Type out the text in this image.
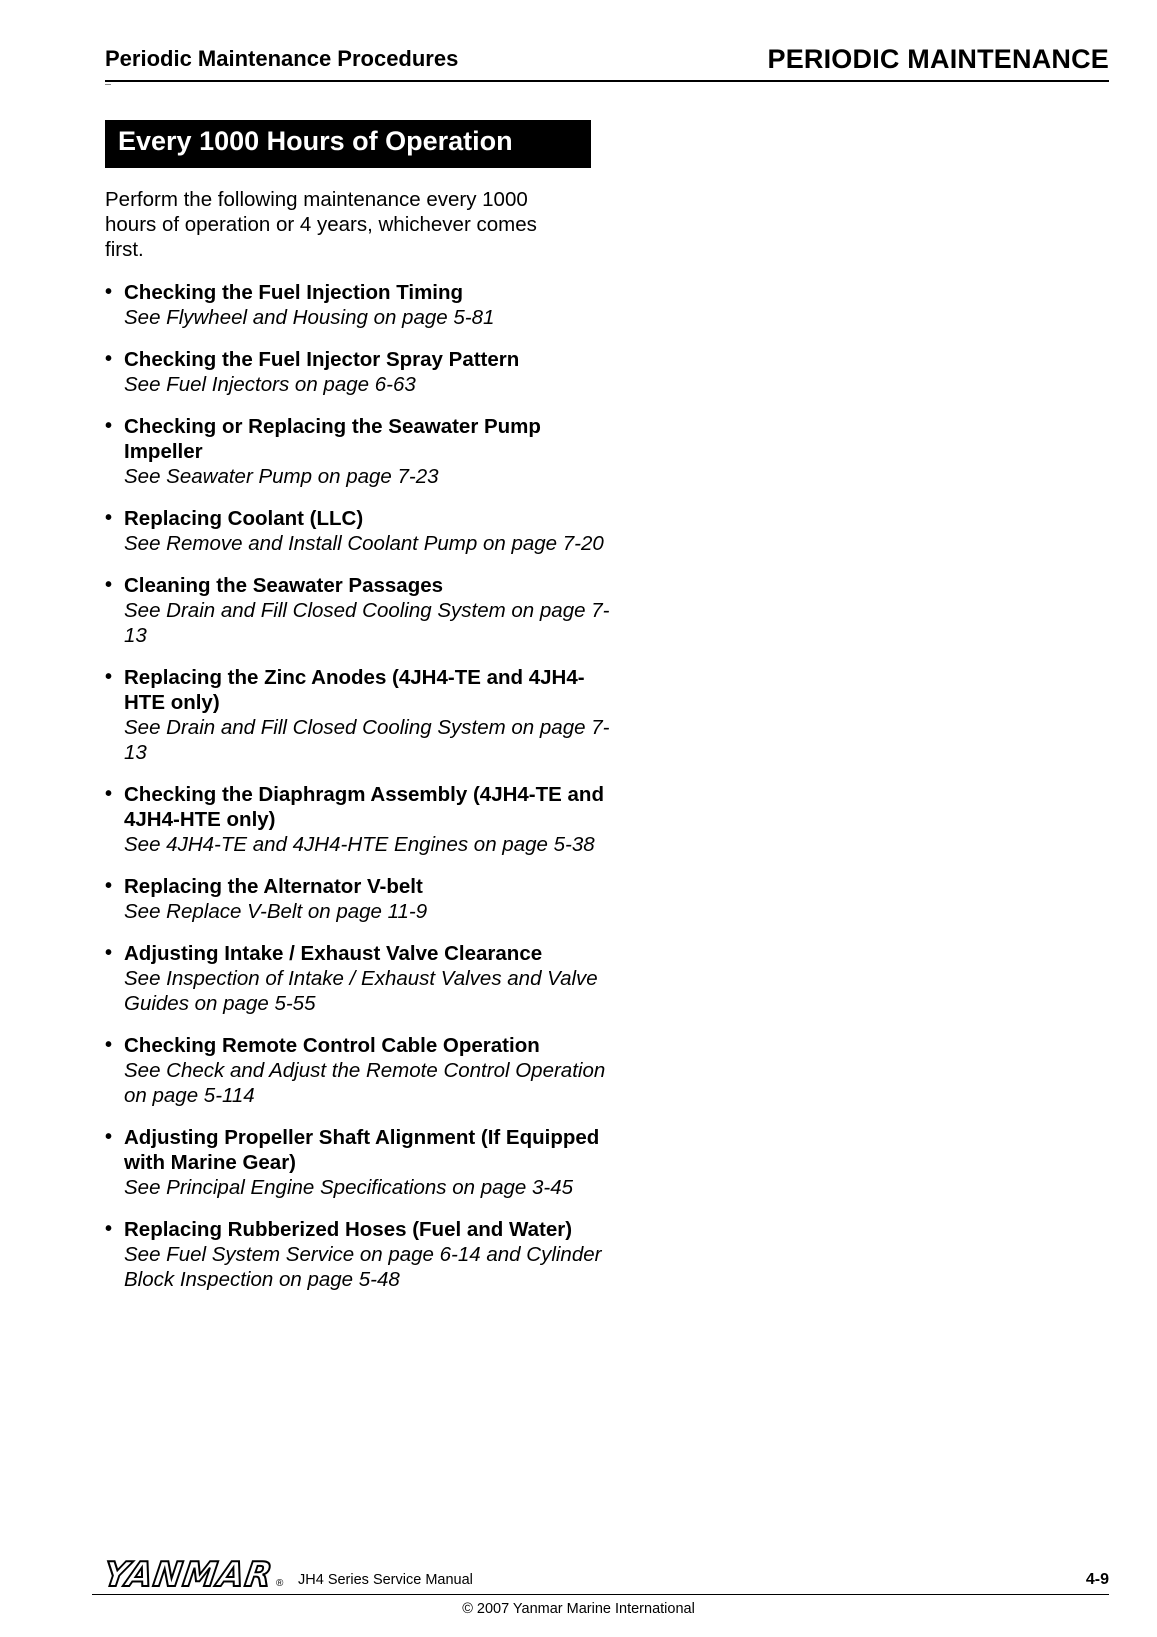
Periodic Maintenance Procedures	PERIODIC MAINTENANCE
Every 1000 Hours of Operation
Perform the following maintenance every 1000 hours of operation or 4 years, whichever comes first.
• Checking the Fuel Injection Timing
See Flywheel and Housing on page 5-81
• Checking the Fuel Injector Spray Pattern
See Fuel Injectors on page 6-63
• Checking or Replacing the Seawater Pump Impeller
See Seawater Pump on page 7-23
• Replacing Coolant (LLC)
See Remove and Install Coolant Pump on page 7-20
• Cleaning the Seawater Passages
See Drain and Fill Closed Cooling System on page 7-13
• Replacing the Zinc Anodes (4JH4-TE and 4JH4-HTE only)
See Drain and Fill Closed Cooling System on page 7-13
• Checking the Diaphragm Assembly (4JH4-TE and 4JH4-HTE only)
See 4JH4-TE and 4JH4-HTE Engines on page 5-38
• Replacing the Alternator V-belt
See Replace V-Belt on page 11-9
• Adjusting Intake / Exhaust Valve Clearance
See Inspection of Intake / Exhaust Valves and Valve Guides on page 5-55
• Checking Remote Control Cable Operation
See Check and Adjust the Remote Control Operation on page 5-114
• Adjusting Propeller Shaft Alignment (If Equipped with Marine Gear)
See Principal Engine Specifications on page 3-45
• Replacing Rubberized Hoses (Fuel and Water)
See Fuel System Service on page 6-14 and Cylinder Block Inspection on page 5-48
YANMAR ® JH4 Series Service Manual	4-9
© 2007 Yanmar Marine International
